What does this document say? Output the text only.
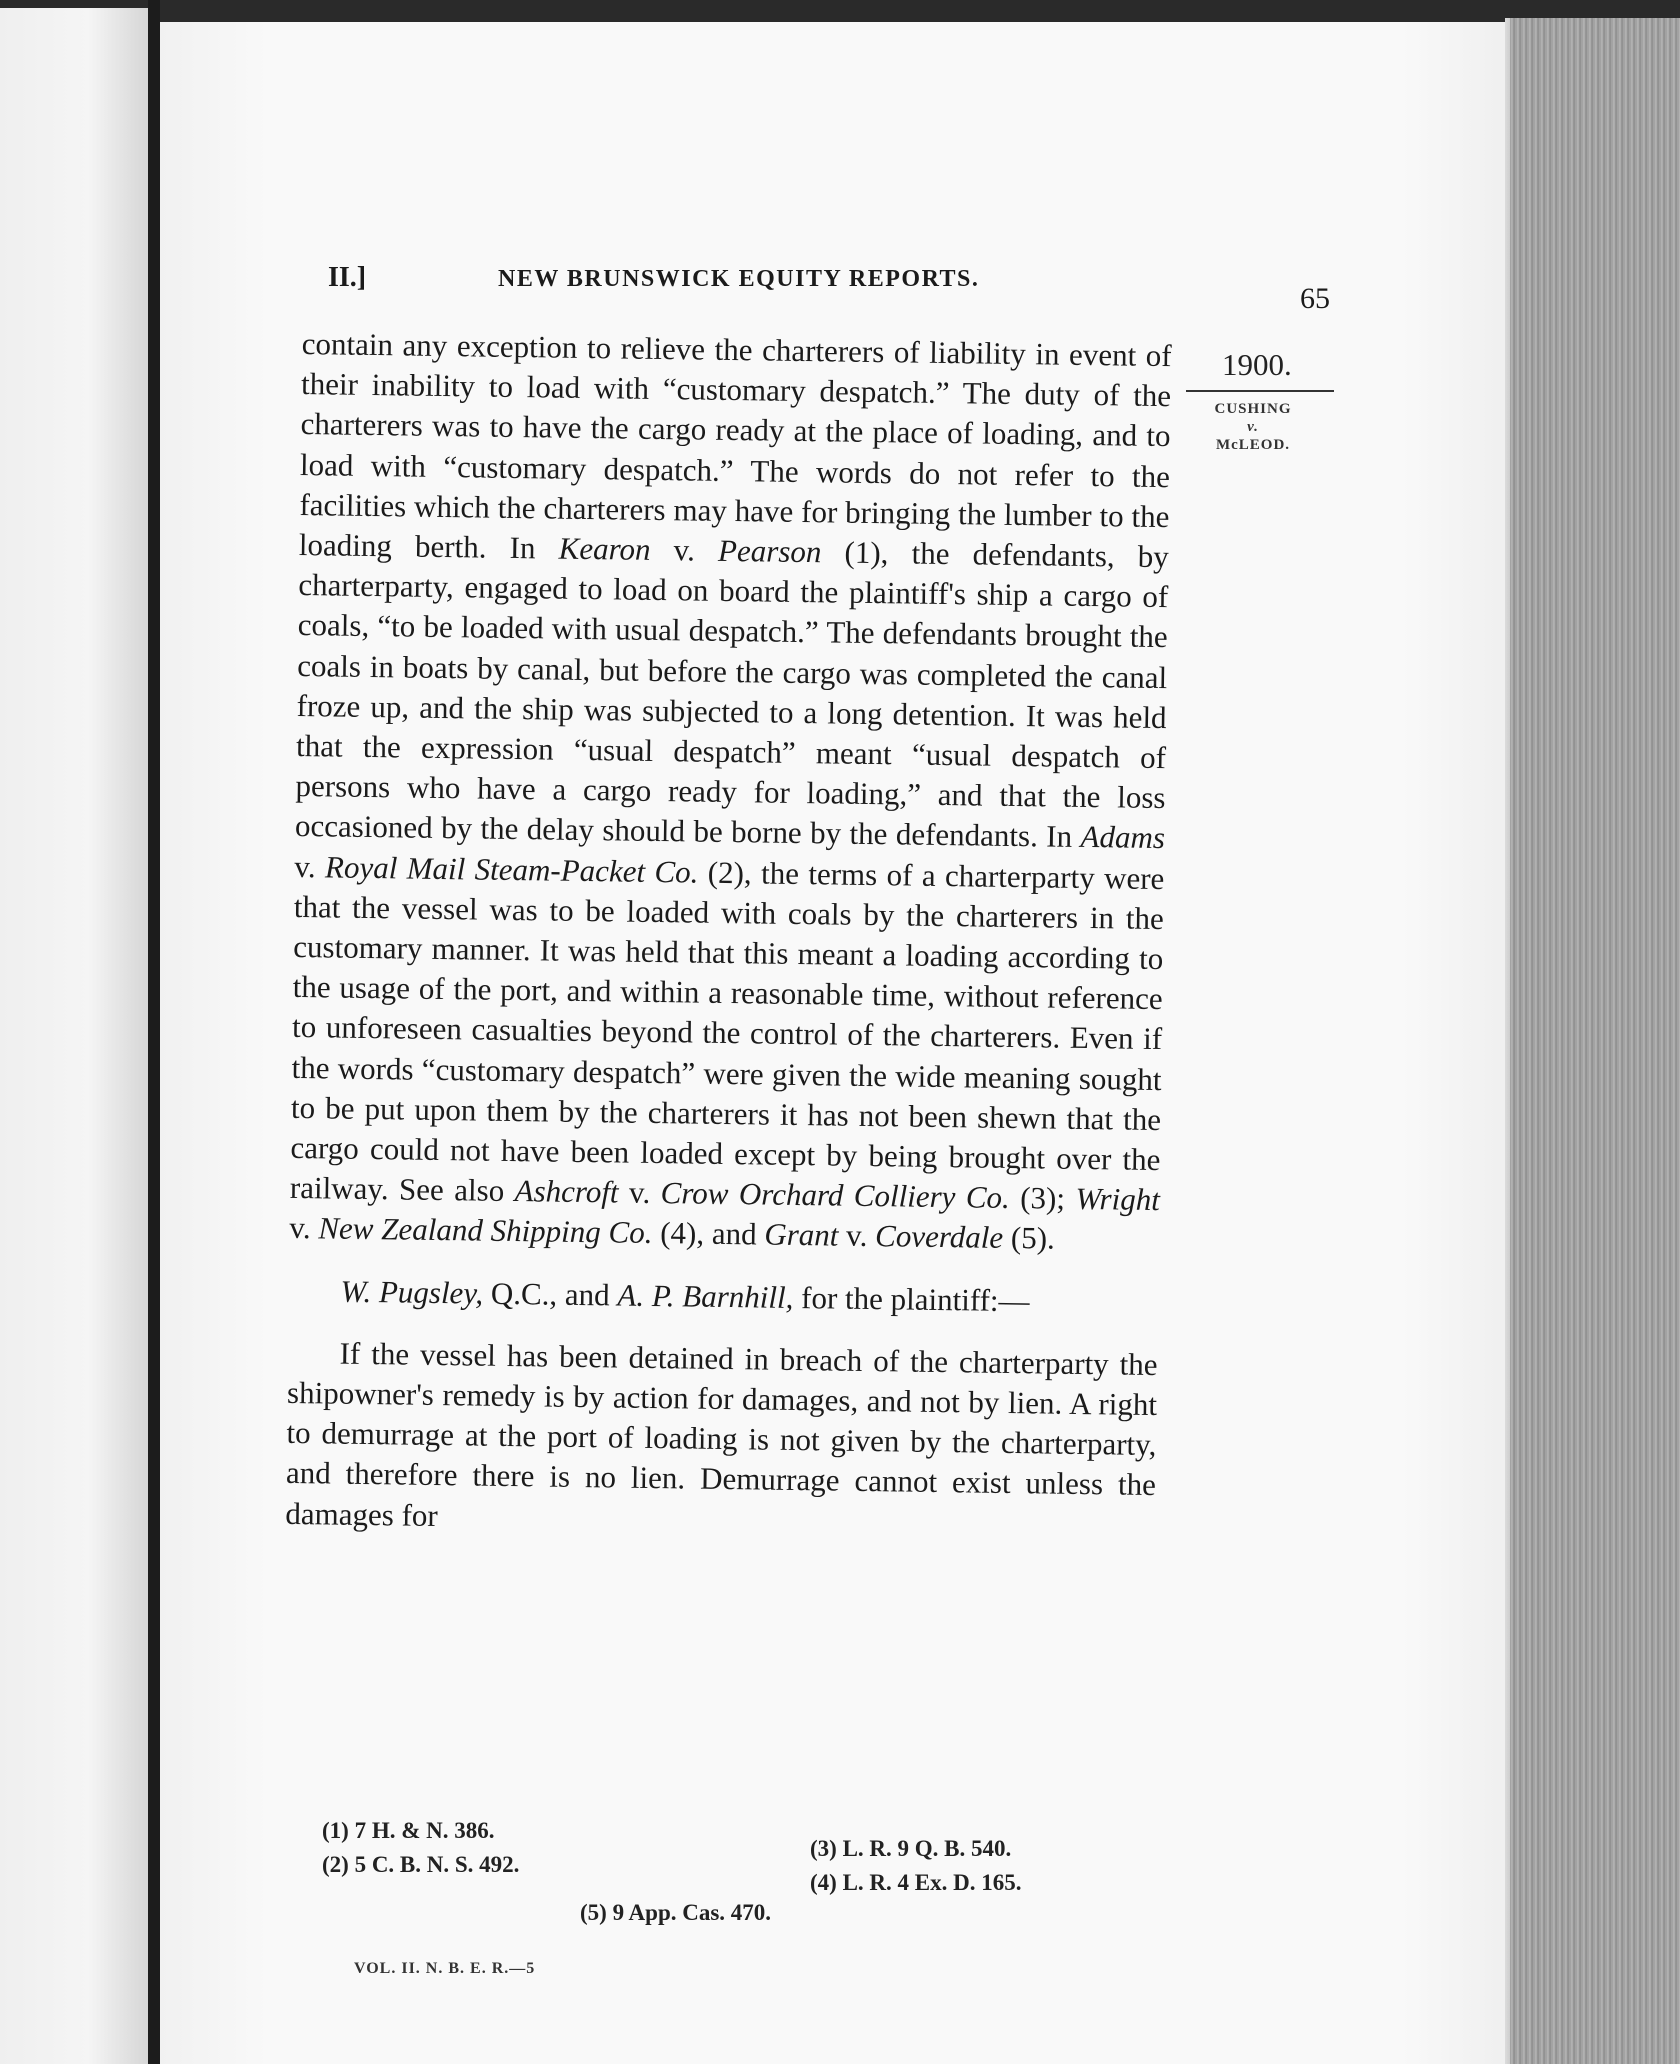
II.]	NEW BRUNSWICK EQUITY REPORTS.
65
1900.
CUSHING
v.
McLEOD.

contain any exception to relieve the charterers of liability in event of their inability to load with “customary despatch.” The duty of the charterers was to have the cargo ready at the place of loading, and to load with “customary despatch.” The words do not refer to the facilities which the charterers may have for bringing the lumber to the loading berth. In Kearon v. Pearson (1), the defendants, by charterparty, engaged to load on board the plaintiff's ship a cargo of coals, “to be loaded with usual despatch.” The defendants brought the coals in boats by canal, but before the cargo was completed the canal froze up, and the ship was subjected to a long detention. It was held that the expression “usual despatch” meant “usual despatch of persons who have a cargo ready for loading,” and that the loss occasioned by the delay should be borne by the defendants. In Adams v. Royal Mail Steam-Packet Co. (2), the terms of a charterparty were that the vessel was to be loaded with coals by the charterers in the customary manner. It was held that this meant a loading according to the usage of the port, and within a reasonable time, without reference to unforeseen casualties beyond the control of the charterers. Even if the words “customary despatch” were given the wide meaning sought to be put upon them by the charterers it has not been shewn that the cargo could not have been loaded except by being brought over the railway. See also Ashcroft v. Crow Orchard Colliery Co. (3); Wright v. New Zealand Shipping Co. (4), and Grant v. Coverdale (5).

W. Pugsley, Q.C., and A. P. Barnhill, for the plaintiff:—

If the vessel has been detained in breach of the charterparty the shipowner's remedy is by action for damages, and not by lien. A right to demurrage at the port of loading is not given by the charterparty, and therefore there is no lien. Demurrage cannot exist unless the damages for

(1) 7 H. & N. 386.
(2) 5 C. B. N. S. 492.
(3) L. R. 9 Q. B. 540.
(4) L. R. 4 Ex. D. 165.
(5) 9 App. Cas. 470.
VOL. II. N. B. E. R.—5
